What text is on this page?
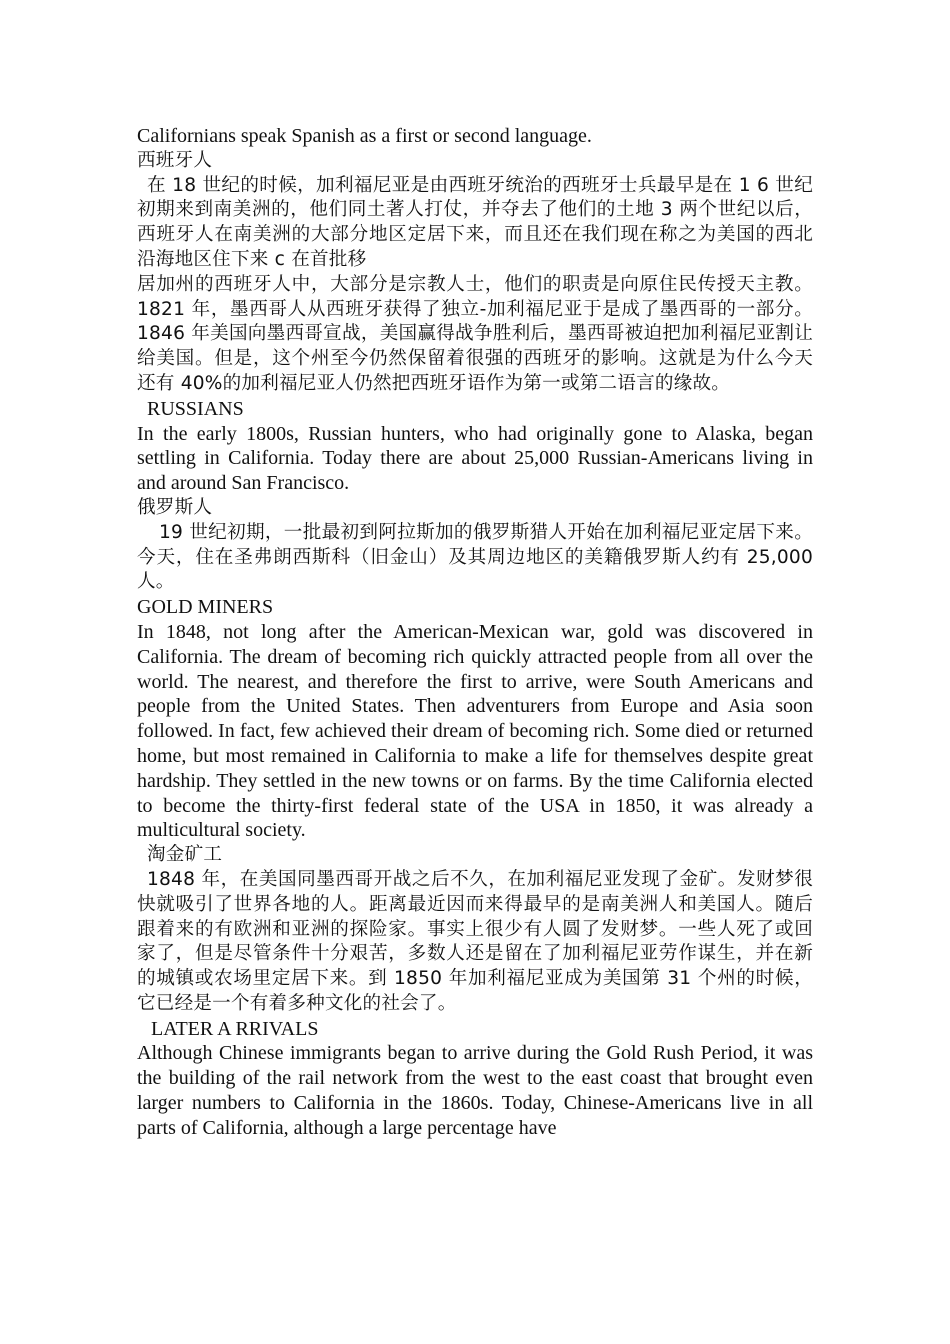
Californians speak Spanish as a first or second language.

西班牙人

在 18 世纪的时候，加利福尼亚是由西班牙统治的西班牙士兵最早是在 1 6 世纪初期来到南美洲的，他们同土著人打仗，并夺去了他们的土地 3 两个世纪以后，西班牙人在南美洲的大部分地区定居下来，而且还在我们现在称之为美国的西北沿海地区住下来 c 在首批移

居加州的西班牙人中，大部分是宗教人士，他们的职责是向原住民传授天主教。1821 年，墨西哥人从西班牙获得了独立-加利福尼亚于是成了墨西哥的一部分。1846 年美国向墨西哥宣战，美国赢得战争胜利后，墨西哥被迫把加利福尼亚割让给美国。但是，这个州至今仍然保留着很强的西班牙的影响。这就是为什么今天还有 40%的加利福尼亚人仍然把西班牙语作为第一或第二语言的缘故。

RUSSIANS

In the early 1800s, Russian hunters, who had originally gone to Alaska, began settling in California. Today there are about 25,000 Russian-Americans living in and around San Francisco.

俄罗斯人

19 世纪初期，一批最初到阿拉斯加的俄罗斯猎人开始在加利福尼亚定居下来。今天，住在圣弗朗西斯科（旧金山）及其周边地区的美籍俄罗斯人约有 25,000 人。

GOLD MINERS

In 1848, not long after the American-Mexican war, gold was discovered in California. The dream of becoming rich quickly attracted people from all over the world. The nearest, and therefore the first to arrive, were South Americans and people from the United States. Then adventurers from Europe and Asia soon followed. In fact, few achieved their dream of becoming rich. Some died or returned home, but most remained in California to make a life for themselves despite great hardship. They settled in the new towns or on farms. By the time California elected to become the thirty-first federal state of the USA in 1850, it was already a multicultural society.

淘金矿工

1848 年，在美国同墨西哥开战之后不久，在加利福尼亚发现了金矿。发财梦很快就吸引了世界各地的人。距离最近因而来得最早的是南美洲人和美国人。随后跟着来的有欧洲和亚洲的探险家。事实上很少有人圆了发财梦。一些人死了或回家了，但是尽管条件十分艰苦，多数人还是留在了加利福尼亚劳作谋生，并在新的城镇或农场里定居下来。到 1850 年加利福尼亚成为美国第 31 个州的时候，它已经是一个有着多种文化的社会了。

LATER A RRIVALS

Although Chinese immigrants began to arrive during the Gold Rush Period, it was the building of the rail network from the west to the east coast that brought even larger numbers to California in the 1860s. Today, Chinese-Americans live in all parts of California, although a large percentage have
